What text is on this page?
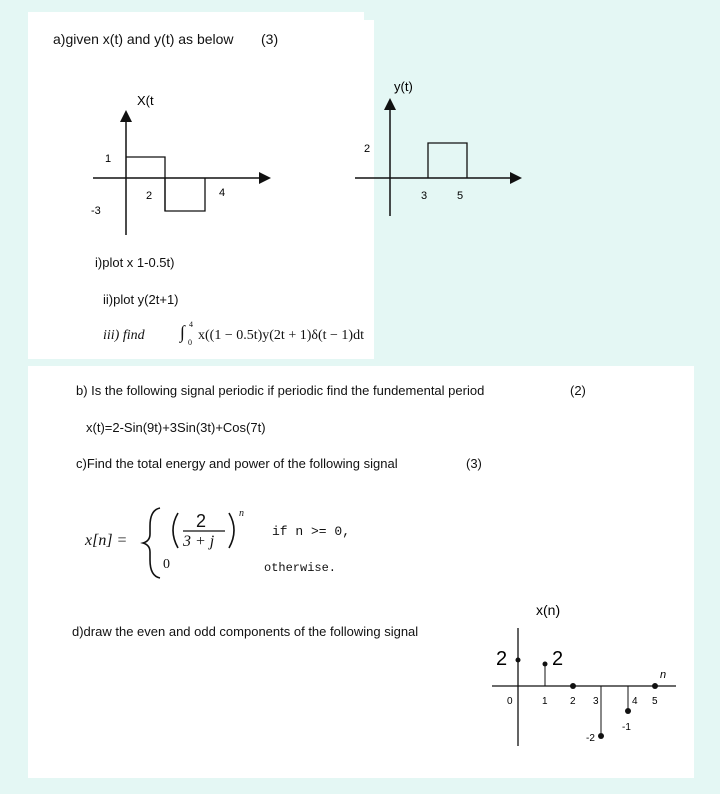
a)given x(t) and y(t) as below (3)
X(t
1
-3
2	4
y(t)
2
3	5
i)plot x 1-0.5t)
ii)plot y(2t+1)
iii) find ∫ 4
0 x((1 − 0.5t)y(2t + 1)δ(t − 1)dt
b) Is the following signal periodic if periodic find the fundemental period	(2)
x(t)=2-Sin(9t)+3Sin(3t)+Cos(7t)
c)Find the total energy and power of the following signal	(3)
x[n] =
2
3 + j
n
if n >= 0,
0	otherwise.
d)draw the even and odd components of the following signal
x(n)
n
2 2
0	1 2 3	4 5
-2
-1
